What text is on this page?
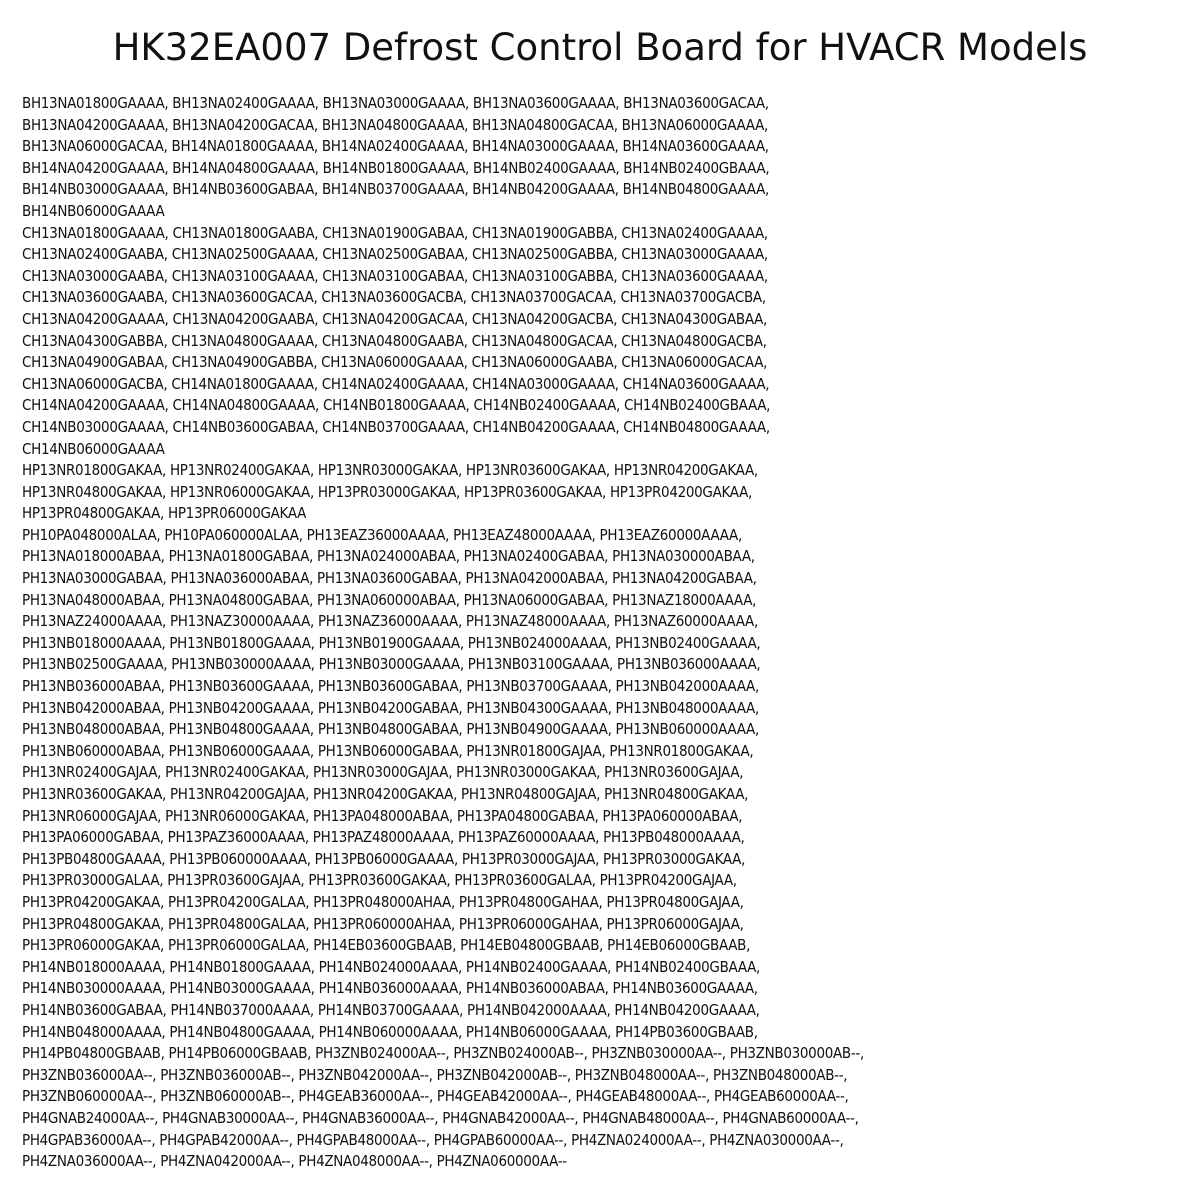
HK32EA007 Defrost Control Board for HVACR Models
BH13NA01800GAAAA, BH13NA02400GAAAA, BH13NA03000GAAAA, BH13NA03600GAAAA, BH13NA03600GACAA,
BH13NA04200GAAAA, BH13NA04200GACAA, BH13NA04800GAAAA, BH13NA04800GACAA, BH13NA06000GAAAA,
BH13NA06000GACAA, BH14NA01800GAAAA, BH14NA02400GAAAA, BH14NA03000GAAAA, BH14NA03600GAAAA,
BH14NA04200GAAAA, BH14NA04800GAAAA, BH14NB01800GAAAA, BH14NB02400GAAAA, BH14NB02400GBAAA,
BH14NB03000GAAAA, BH14NB03600GABAA, BH14NB03700GAAAA, BH14NB04200GAAAA, BH14NB04800GAAAA,
BH14NB06000GAAAA
CH13NA01800GAAAA, CH13NA01800GAABA, CH13NA01900GABAA, CH13NA01900GABBA, CH13NA02400GAAAA,
CH13NA02400GAABA, CH13NA02500GAAAA, CH13NA02500GABAA, CH13NA02500GABBA, CH13NA03000GAAAA,
CH13NA03000GAABA, CH13NA03100GAAAA, CH13NA03100GABAA, CH13NA03100GABBA, CH13NA03600GAAAA,
CH13NA03600GAABA, CH13NA03600GACAA, CH13NA03600GACBA, CH13NA03700GACAA, CH13NA03700GACBA,
CH13NA04200GAAAA, CH13NA04200GAABA, CH13NA04200GACAA, CH13NA04200GACBA, CH13NA04300GABAA,
CH13NA04300GABBA, CH13NA04800GAAAA, CH13NA04800GAABA, CH13NA04800GACAA, CH13NA04800GACBA,
CH13NA04900GABAA, CH13NA04900GABBA, CH13NA06000GAAAA, CH13NA06000GAABA, CH13NA06000GACAA,
CH13NA06000GACBA, CH14NA01800GAAAA, CH14NA02400GAAAA, CH14NA03000GAAAA, CH14NA03600GAAAA,
CH14NA04200GAAAA, CH14NA04800GAAAA, CH14NB01800GAAAA, CH14NB02400GAAAA, CH14NB02400GBAAA,
CH14NB03000GAAAA, CH14NB03600GABAA, CH14NB03700GAAAA, CH14NB04200GAAAA, CH14NB04800GAAAA,
CH14NB06000GAAAA
HP13NR01800GAKAA, HP13NR02400GAKAA, HP13NR03000GAKAA, HP13NR03600GAKAA, HP13NR04200GAKAA,
HP13NR04800GAKAA, HP13NR06000GAKAA, HP13PR03000GAKAA, HP13PR03600GAKAA, HP13PR04200GAKAA,
HP13PR04800GAKAA, HP13PR06000GAKAA
PH10PA048000ALAA, PH10PA060000ALAA, PH13EAZ36000AAAA, PH13EAZ48000AAAA, PH13EAZ60000AAAA,
PH13NA018000ABAA, PH13NA01800GABAA, PH13NA024000ABAA, PH13NA02400GABAA, PH13NA030000ABAA,
PH13NA03000GABAA, PH13NA036000ABAA, PH13NA03600GABAA, PH13NA042000ABAA, PH13NA04200GABAA,
PH13NA048000ABAA, PH13NA04800GABAA, PH13NA060000ABAA, PH13NA06000GABAA, PH13NAZ18000AAAA,
PH13NAZ24000AAAA, PH13NAZ30000AAAA, PH13NAZ36000AAAA, PH13NAZ48000AAAA, PH13NAZ60000AAAA,
PH13NB018000AAAA, PH13NB01800GAAAA, PH13NB01900GAAAA, PH13NB024000AAAA, PH13NB02400GAAAA,
PH13NB02500GAAAA, PH13NB030000AAAA, PH13NB03000GAAAA, PH13NB03100GAAAA, PH13NB036000AAAA,
PH13NB036000ABAA, PH13NB03600GAAAA, PH13NB03600GABAA, PH13NB03700GAAAA, PH13NB042000AAAA,
PH13NB042000ABAA, PH13NB04200GAAAA, PH13NB04200GABAA, PH13NB04300GAAAA, PH13NB048000AAAA,
PH13NB048000ABAA, PH13NB04800GAAAA, PH13NB04800GABAA, PH13NB04900GAAAA, PH13NB060000AAAA,
PH13NB060000ABAA, PH13NB06000GAAAA, PH13NB06000GABAA, PH13NR01800GAJAA, PH13NR01800GAKAA,
PH13NR02400GAJAA, PH13NR02400GAKAA, PH13NR03000GAJAA, PH13NR03000GAKAA, PH13NR03600GAJAA,
PH13NR03600GAKAA, PH13NR04200GAJAA, PH13NR04200GAKAA, PH13NR04800GAJAA, PH13NR04800GAKAA,
PH13NR06000GAJAA, PH13NR06000GAKAA, PH13PA048000ABAA, PH13PA04800GABAA, PH13PA060000ABAA,
PH13PA06000GABAA, PH13PAZ36000AAAA, PH13PAZ48000AAAA, PH13PAZ60000AAAA, PH13PB048000AAAA,
PH13PB04800GAAAA, PH13PB060000AAAA, PH13PB06000GAAAA, PH13PR03000GAJAA, PH13PR03000GAKAA,
PH13PR03000GALAA, PH13PR03600GAJAA, PH13PR03600GAKAA, PH13PR03600GALAA, PH13PR04200GAJAA,
PH13PR04200GAKAA, PH13PR04200GALAA, PH13PR048000AHAA, PH13PR04800GAHAA, PH13PR04800GAJAA,
PH13PR04800GAKAA, PH13PR04800GALAA, PH13PR060000AHAA, PH13PR06000GAHAA, PH13PR06000GAJAA,
PH13PR06000GAKAA, PH13PR06000GALAA, PH14EB03600GBAAB, PH14EB04800GBAAB, PH14EB06000GBAAB,
PH14NB018000AAAA, PH14NB01800GAAAA, PH14NB024000AAAA, PH14NB02400GAAAA, PH14NB02400GBAAA,
PH14NB030000AAAA, PH14NB03000GAAAA, PH14NB036000AAAA, PH14NB036000ABAA, PH14NB03600GAAAA,
PH14NB03600GABAA, PH14NB037000AAAA, PH14NB03700GAAAA, PH14NB042000AAAA, PH14NB04200GAAAA,
PH14NB048000AAAA, PH14NB04800GAAAA, PH14NB060000AAAA, PH14NB06000GAAAA, PH14PB03600GBAAB,
PH14PB04800GBAAB, PH14PB06000GBAAB, PH3ZNB024000AA--, PH3ZNB024000AB--, PH3ZNB030000AA--, PH3ZNB030000AB--,
PH3ZNB036000AA--, PH3ZNB036000AB--, PH3ZNB042000AA--, PH3ZNB042000AB--, PH3ZNB048000AA--, PH3ZNB048000AB--,
PH3ZNB060000AA--, PH3ZNB060000AB--, PH4GEAB36000AA--, PH4GEAB42000AA--, PH4GEAB48000AA--, PH4GEAB60000AA--,
PH4GNAB24000AA--, PH4GNAB30000AA--, PH4GNAB36000AA--, PH4GNAB42000AA--, PH4GNAB48000AA--, PH4GNAB60000AA--,
PH4GPAB36000AA--, PH4GPAB42000AA--, PH4GPAB48000AA--, PH4GPAB60000AA--, PH4ZNA024000AA--, PH4ZNA030000AA--,
PH4ZNA036000AA--, PH4ZNA042000AA--, PH4ZNA048000AA--, PH4ZNA060000AA--
